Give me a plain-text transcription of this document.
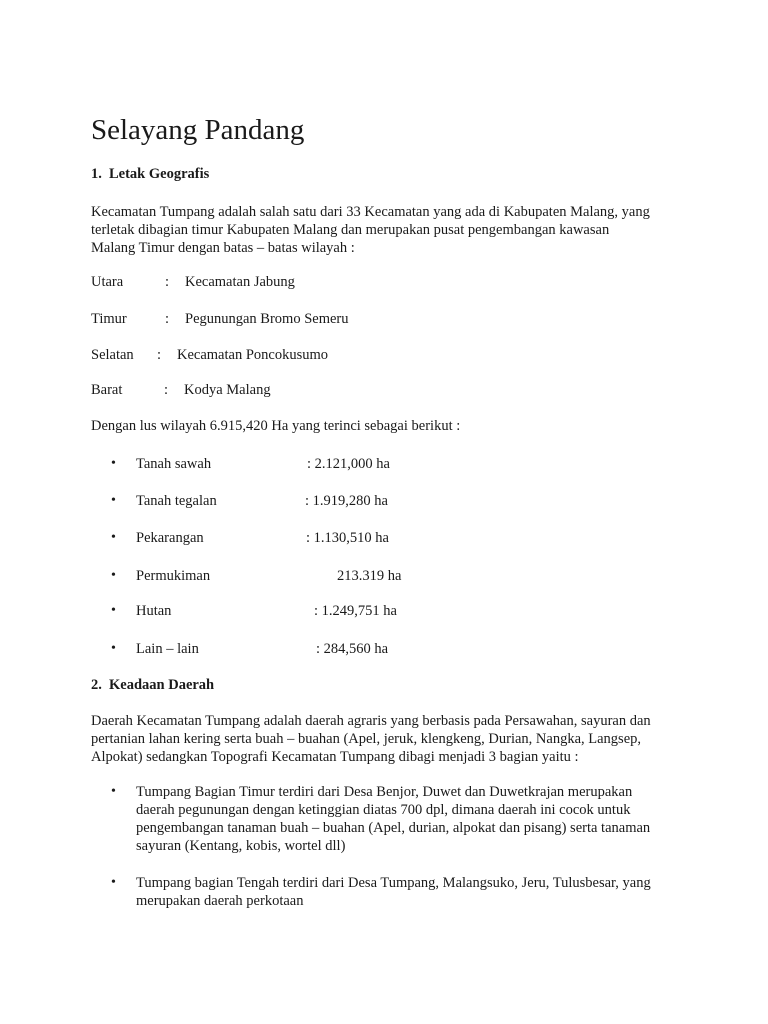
Selayang Pandang
1. Letak Geografis
Kecamatan Tumpang adalah salah satu dari 33 Kecamatan yang ada di Kabupaten Malang, yang
terletak dibagian timur Kabupaten Malang dan merupakan pusat pengembangan kawasan
Malang Timur dengan batas – batas wilayah :
Utara	: Kecamatan Jabung
Timur	: Pegunungan Bromo Semeru
Selatan : Kecamatan Poncokusumo
Barat	: Kodya Malang
Dengan lus wilayah 6.915,420 Ha yang terinci sebagai berikut :
• Tanah sawah	: 2.121,000 ha
• Tanah tegalan	: 1.919,280 ha
• Pekarangan	: 1.130,510 ha
• Permukiman	213.319 ha
• Hutan	: 1.249,751 ha
• Lain – lain	: 284,560 ha
2. Keadaan Daerah
Daerah Kecamatan Tumpang adalah daerah agraris yang berbasis pada Persawahan, sayuran dan
pertanian lahan kering serta buah – buahan (Apel, jeruk, klengkeng, Durian, Nangka, Langsep,
Alpokat) sedangkan Topografi Kecamatan Tumpang dibagi menjadi 3 bagian yaitu :
• Tumpang Bagian Timur terdiri dari Desa Benjor, Duwet dan Duwetkrajan merupakan
daerah pegunungan dengan ketinggian diatas 700 dpl, dimana daerah ini cocok untuk
pengembangan tanaman buah – buahan (Apel, durian, alpokat dan pisang) serta tanaman
sayuran (Kentang, kobis, wortel dll)
• Tumpang bagian Tengah terdiri dari Desa Tumpang, Malangsuko, Jeru, Tulusbesar, yang
merupakan daerah perkotaan
